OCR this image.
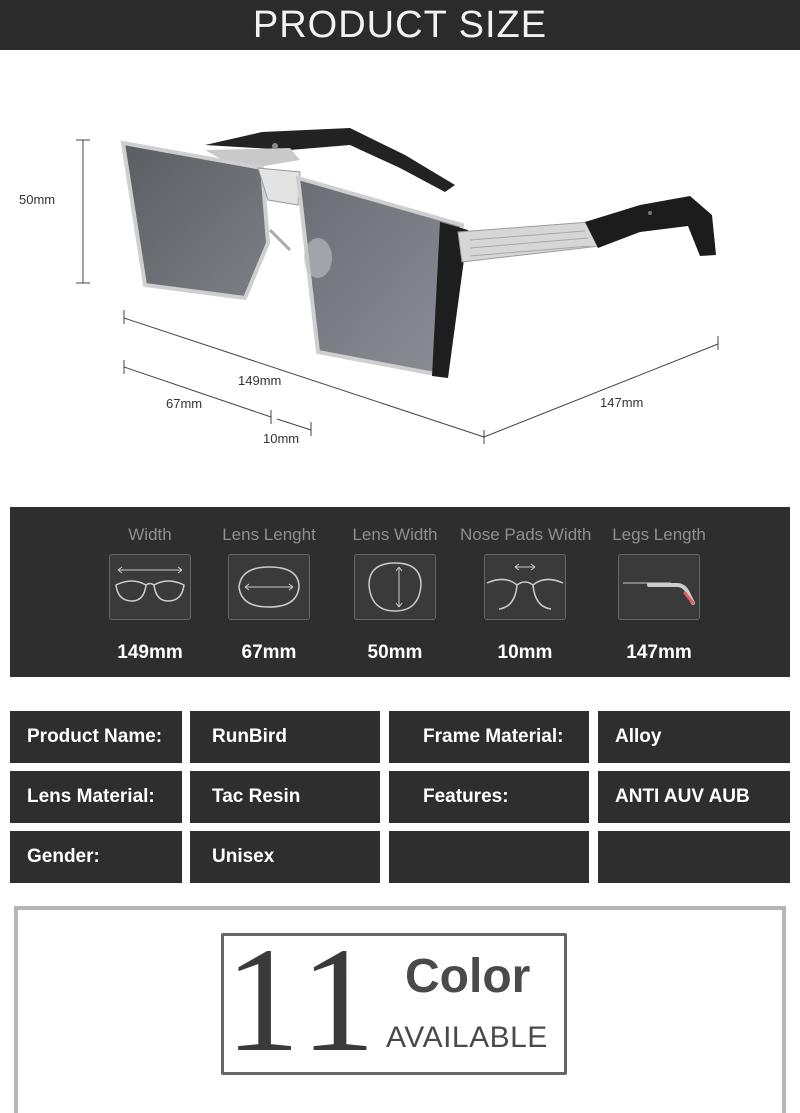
PRODUCT SIZE
50mm
149mm
67mm
10mm
147mm
Width
149mm
Lens Lenght
67mm
Lens Width
50mm
Nose Pads Width
10mm
Legs Length
147mm
Product Name:	RunBird	Frame Material:	Alloy
Lens Material:	Tac Resin	Features:	ANTI AUV AUB
Gender:	Unisex
11 Color
AVAILABLE
